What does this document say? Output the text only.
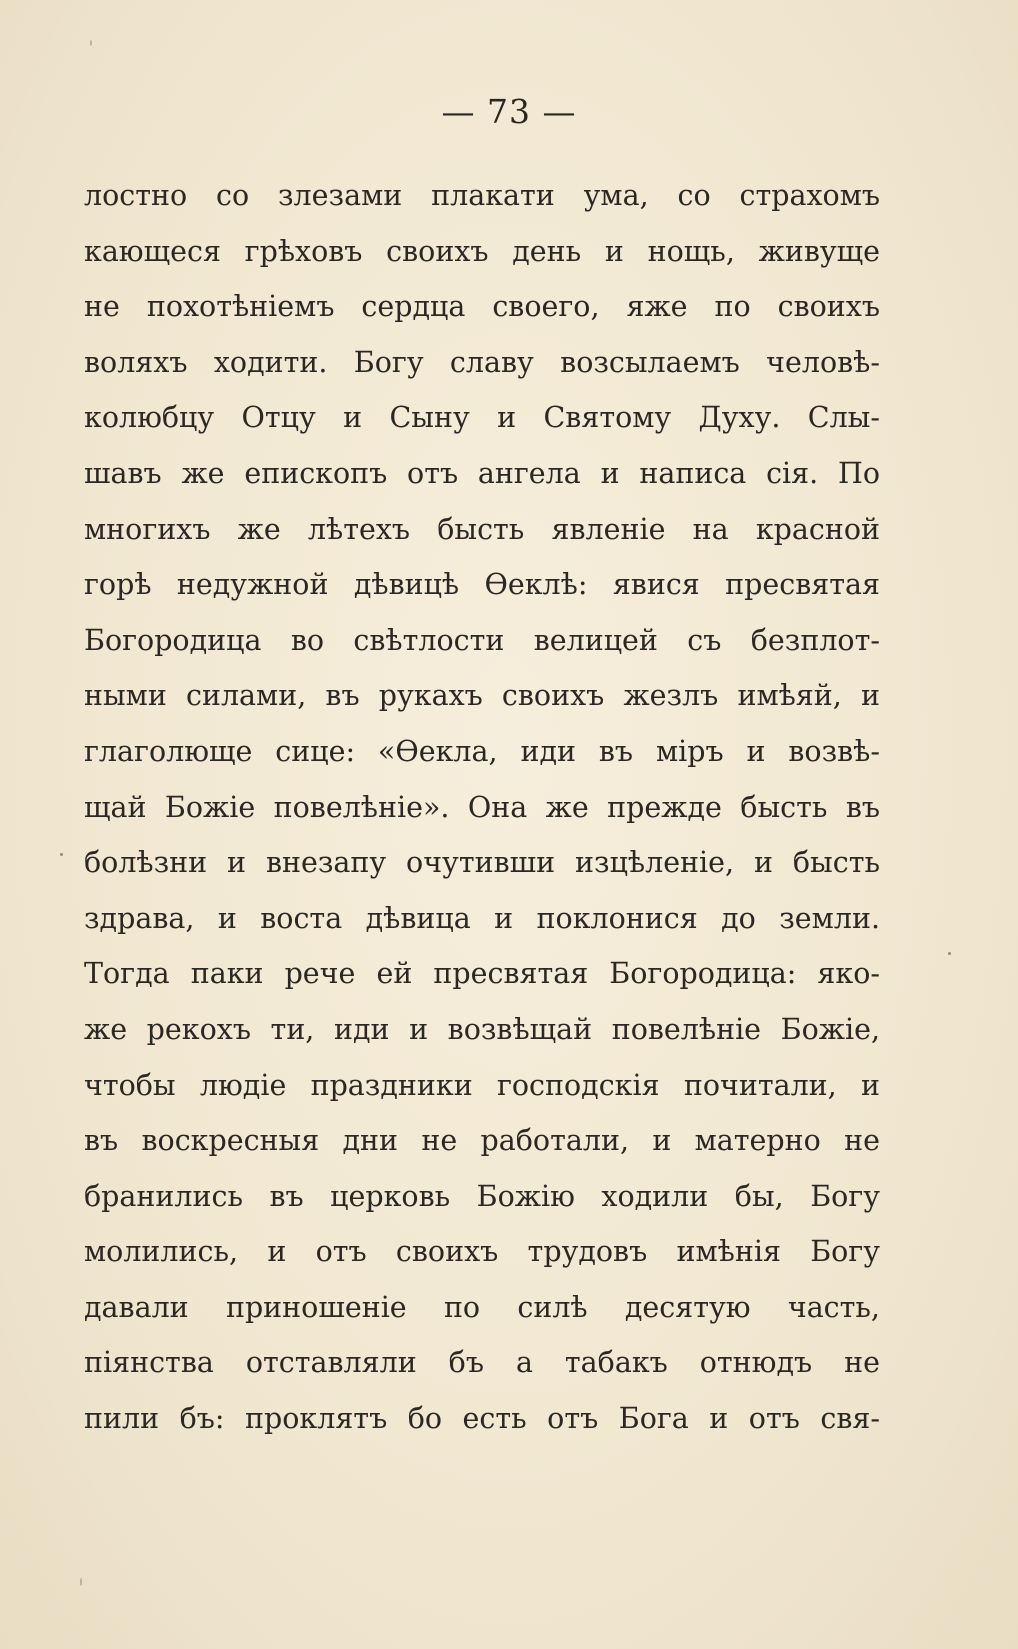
— 73 —
лостно со злезами плакати ума, со страхомъ
кающеся грѣховъ своихъ день и нощь, живуще
не похотѣніемъ сердца своего, яже по своихъ
воляхъ ходити. Богу славу возсылаемъ человѣ-
колюбцу Отцу и Сыну и Святому Духу. Слы-
шавъ же епископъ отъ ангела и написа сія. По
многихъ же лѣтехъ бысть явленіе на красной
горѣ недужной дѣвицѣ Ѳеклѣ: явися пресвятая
Богородица во свѣтлости велицей съ безплот-
ными силами, въ рукахъ своихъ жезлъ имѣяй, и
глаголюще сице: «Ѳекла, иди въ міръ и возвѣ-
щай Божіе повелѣніе». Она же прежде бысть въ
болѣзни и внезапу очутивши изцѣленіе, и бысть
здрава, и воста дѣвица и поклонися до земли.
Тогда паки рече ей пресвятая Богородица: яко-
же рекохъ ти, иди и возвѣщай повелѣніе Божіе,
чтобы людіе праздники господскія почитали, и
въ воскресныя дни не работали, и матерно не
бранились въ церковь Божію ходили бы, Богу
молились, и отъ своихъ трудовъ имѣнія Богу
давали приношеніе по силѣ десятую часть,
піянства отставляли бъ а табакъ отнюдъ не
пили бъ: проклятъ бо есть отъ Бога и отъ свя-
